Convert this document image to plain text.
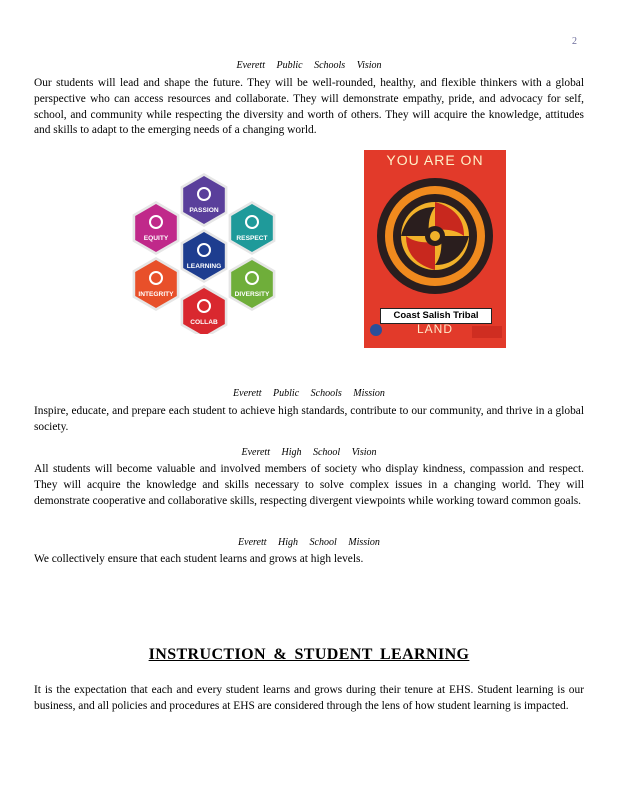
2
Everett Public Schools Vision
Our students will lead and shape the future. They will be well-rounded, healthy, and flexible thinkers with a global perspective who can access resources and collaborate. They will demonstrate empathy, pride, and advocacy for self, school, and community while respecting the diversity and worth of others. They will acquire the knowledge, attitudes and skills to adapt to the emerging needs of a changing world.
PASSION
EQUITY	RESPECT
LEARNING
INTEGRITY	DIVERSITY
COLLAB
YOU ARE ON
Coast Salish Tribal
LAND
Everett Public Schools Mission
Inspire, educate, and prepare each student to achieve high standards, contribute to our community, and thrive in a global society.
Everett High School Vision
All students will become valuable and involved members of society who display kindness, compassion and respect. They will acquire the knowledge and skills necessary to solve complex issues in a changing world. They will demonstrate cooperative and collaborative skills, respecting divergent viewpoints while working toward common goals.
Everett High School Mission
We collectively ensure that each student learns and grows at high levels.
INSTRUCTION & STUDENT LEARNING
It is the expectation that each and every student learns and grows during their tenure at EHS. Student learning is our business, and all policies and procedures at EHS are considered through the lens of how student learning is impacted.
